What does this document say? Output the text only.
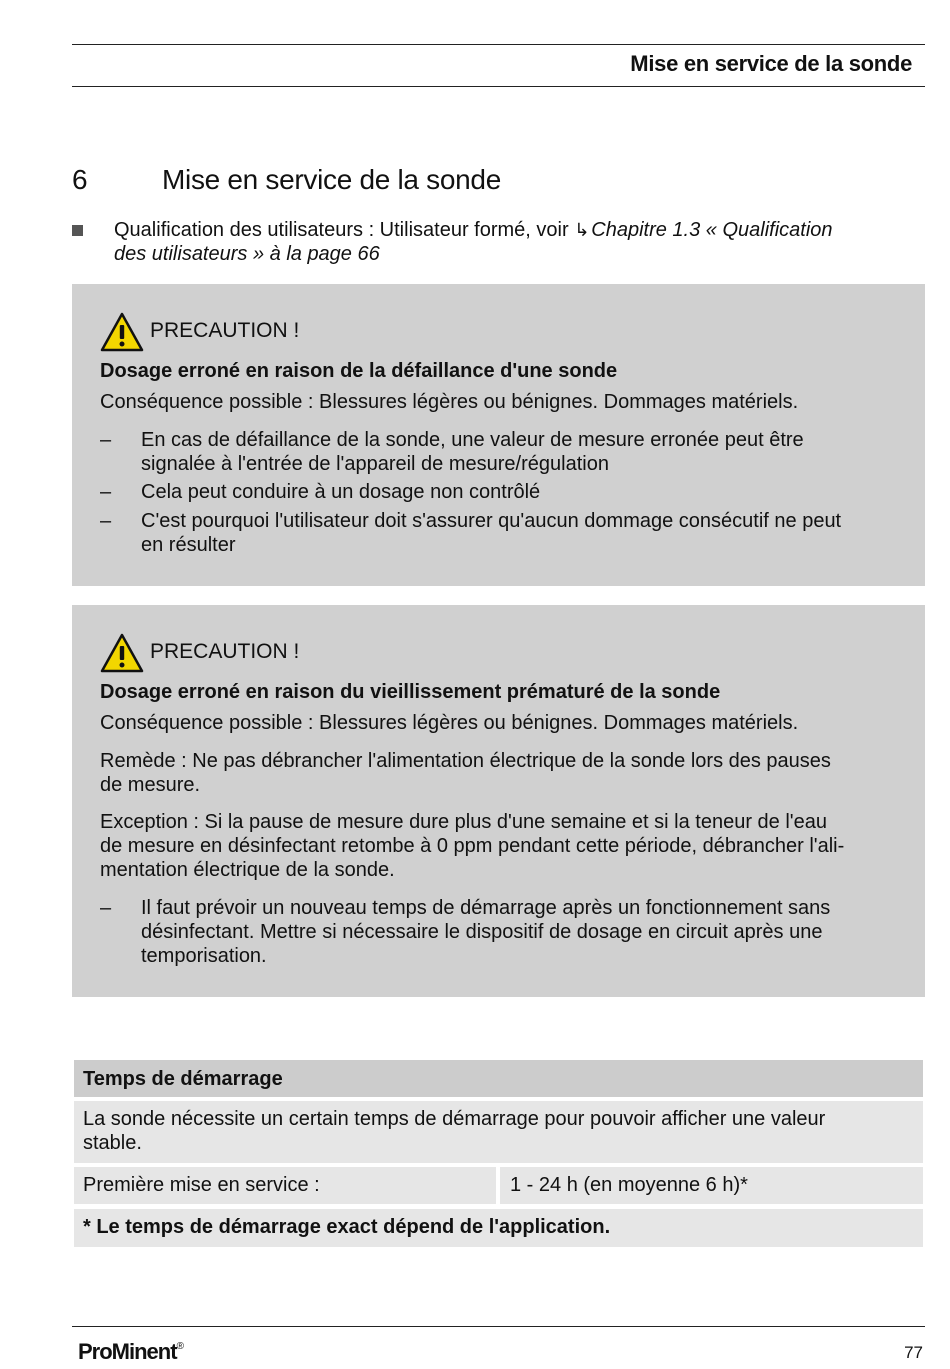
Mise en service de la sonde
6	Mise en service de la sonde
Qualification des utilisateurs : Utilisateur formé, voir ↳ Chapitre 1.3 « Qualification
des utilisateurs » à la page 66
PRECAUTION !
Dosage erroné en raison de la défaillance d'une sonde
Conséquence possible : Blessures légères ou bénignes. Dommages matériels.
– En cas de défaillance de la sonde, une valeur de mesure erronée peut être
signalée à l'entrée de l'appareil de mesure/régulation
– Cela peut conduire à un dosage non contrôlé
– C'est pourquoi l'utilisateur doit s'assurer qu'aucun dommage consécutif ne peut
en résulter
PRECAUTION !
Dosage erroné en raison du vieillissement prématuré de la sonde
Conséquence possible : Blessures légères ou bénignes. Dommages matériels.
Remède : Ne pas débrancher l'alimentation électrique de la sonde lors des pauses
de mesure.
Exception : Si la pause de mesure dure plus d'une semaine et si la teneur de l'eau
de mesure en désinfectant retombe à 0 ppm pendant cette période, débrancher l'ali-
mentation électrique de la sonde.
– Il faut prévoir un nouveau temps de démarrage après un fonctionnement sans
désinfectant. Mettre si nécessaire le dispositif de dosage en circuit après une
temporisation.
Temps de démarrage
La sonde nécessite un certain temps de démarrage pour pouvoir afficher une valeur
stable.
Première mise en service :	1 - 24 h (en moyenne 6 h)*
* Le temps de démarrage exact dépend de l'application.
ProMinent®	77
